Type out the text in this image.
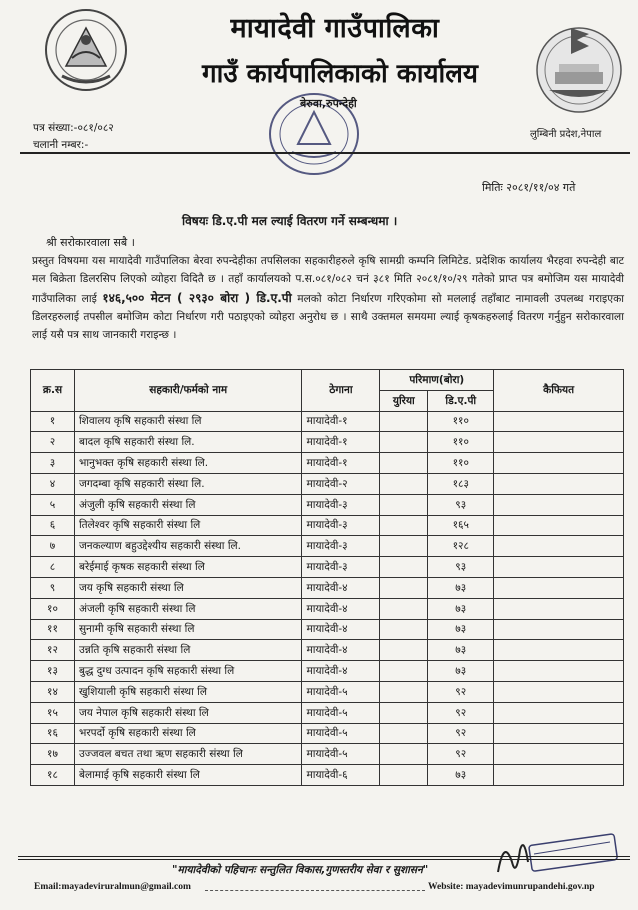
मायादेवी गाउँपालिका
गाउँ कार्यपालिकाको कार्यालय
बेरुवा,रुपन्देही
पत्र संख्या:-०८१/०८२
चलानी नम्बर:-
लुम्बिनी प्रदेश,नेपाल
मितिः २०८१/११/०४ गते
विषयः डि.ए.पी मल ल्याई वितरण गर्ने सम्बन्धमा ।
श्री सरोकारवाला सबै ।
प्रस्तुत विषयमा यस मायादेवी गाउँपालिका बेरवा रुपन्देहीका तपसिलका सहकारीहरुले कृषि सामग्री कम्पनि लिमिटेड. प्रदेशिक कार्यालय भैरहवा रुपन्देही बाट मल बिक्रेता डिलरसिप लिएको व्योहरा विदितै छ । तहाँ कार्यालयको प.स.०८१/०८२ चनं ३८१ मिति २०८१/१०/२९ गतेको प्राप्त पत्र बमोजिम यस मायादेवी गाउँपालिका लाई १४६,५०० मेटन ( २९३० बोरा ) डि.ए.पी मलको कोटा निर्धारण गरिएकोमा सो मललाई तहाँबाट नामावली उपलब्ध गराइएका डिलरहरुलाई तपसील बमोजिम कोटा निर्धारण गरी पठाइएको व्योहरा अनुरोध छ । साथै उक्तमल समयमा ल्याई कृषकहरुलाई वितरण गर्नुहुन सरोकारवाला लाई यसै पत्र साथ जानकारी गराइन्छ ।
क्र.स	सहकारी/फर्मको नाम	ठेगाना	परिमाण(बोरा)		कैफियत
			युरिया	डि.ए.पी	
१	शिवालय कृषि सहकारी संस्था लि	मायादेवी-१		११०	
२	बादल कृषि सहकारी संस्था लि.	मायादेवी-१		११०	
३	भानुभक्त कृषि सहकारी संस्था लि.	मायादेवी-१		११०	
४	जगदम्बा कृषि सहकारी संस्था लि.	मायादेवी-२		१८३	
५	अंजुली कृषि सहकारी संस्था लि	मायादेवी-३		९३	
६	तिलेश्वर कृषि सहकारी संस्था लि	मायादेवी-३		१६५	
७	जनकल्याण बहुउद्देश्यीय सहकारी संस्था लि.	मायादेवी-३		१२८	
८	बरेईमाई कृषक सहकारी संस्था लि	मायादेवी-३		९३	
९	जय कृषि सहकारी संस्था लि	मायादेवी-४		७३	
१०	अंजली कृषि सहकारी संस्था लि	मायादेवी-४		७३	
११	सुनामी कृषि सहकारी संस्था लि	मायादेवी-४		७३	
१२	उन्नति कृषि सहकारी संस्था लि	मायादेवी-४		७३	
१३	बुद्ध दुग्ध उत्पादन कृषि सहकारी संस्था लि	मायादेवी-४		७३	
१४	खुशियाली कृषि सहकारी संस्था लि	मायादेवी-५		९२	
१५	जय नेपाल कृषि सहकारी संस्था लि	मायादेवी-५		९२	
१६	भरपर्दो कृषि सहकारी संस्था लि	मायादेवी-५		९२	
१७	उज्जवल बचत तथा ऋण सहकारी संस्था लि	मायादेवी-५		९२	
१८	बेलामाई कृषि सहकारी संस्था लि	मायादेवी-६		७३	
"मायादेवीको पहिचानः सन्तुलित विकास,गुणस्तरीय सेवा र सुशासन"
Email:mayadeviruralmun@gmail.com	Website: mayadevimunrupandehi.gov.np
